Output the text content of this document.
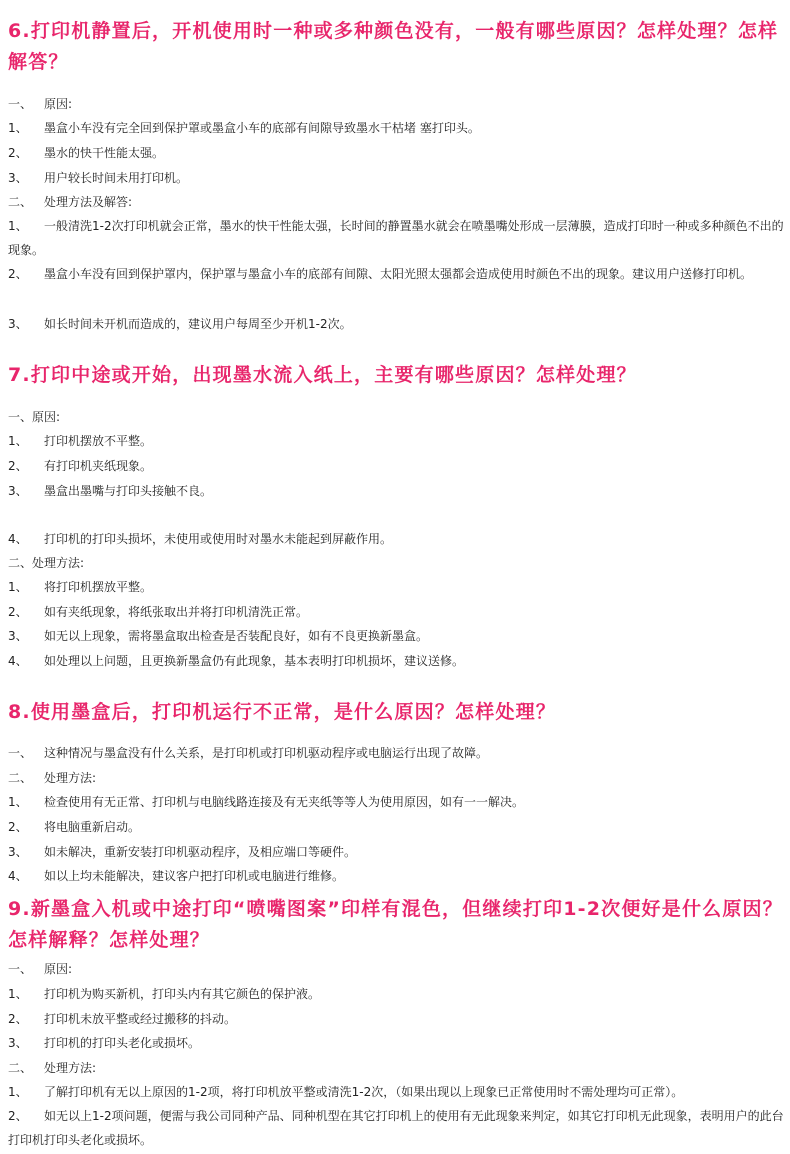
6.打印机静置后，开机使用时一种或多种颜色没有，一般有哪些原因？怎样处理？怎样解答？
一、 原因:
1、 墨盒小车没有完全回到保护罩或墨盒小车的底部有间隙导致墨水干枯堵 塞打印头。
2、 墨水的快干性能太强。
3、 用户较长时间未用打印机。
二、 处理方法及解答:
1、 一般清洗1-2次打印机就会正常，墨水的快干性能太强，长时间的静置墨水就会在喷墨嘴处形成一层薄膜，造成打印时一种或多种颜色不出的现象。
2、 墨盒小车没有回到保护罩内，保护罩与墨盒小车的底部有间隙、太阳光照太强都会造成使用时颜色不出的现象。建议用户送修打印机。
3、 如长时间未开机而造成的，建议用户每周至少开机1-2次。
7.打印中途或开始，出现墨水流入纸上，主要有哪些原因？怎样处理？
一、原因:
1、 打印机摆放不平整。
2、 有打印机夹纸现象。
3、 墨盒出墨嘴与打印头接触不良。
4、 打印机的打印头损坏，未使用或使用时对墨水未能起到屏蔽作用。
二、处理方法:
1、 将打印机摆放平整。
2、 如有夹纸现象，将纸张取出并将打印机清洗正常。
3、 如无以上现象，需将墨盒取出检查是否装配良好，如有不良更换新墨盒。
4、 如处理以上问题，且更换新墨盒仍有此现象，基本表明打印机损坏，建议送修。
8.使用墨盒后，打印机运行不正常，是什么原因？怎样处理？
一、 这种情况与墨盒没有什么关系，是打印机或打印机驱动程序或电脑运行出现了故障。
二、 处理方法:
1、 检查使用有无正常、打印机与电脑线路连接及有无夹纸等等人为使用原因，如有一一解决。
2、 将电脑重新启动。
3、 如未解决，重新安装打印机驱动程序，及相应端口等硬件。
4、 如以上均未能解决，建议客户把打印机或电脑进行维修。
9.新墨盒入机或中途打印“喷嘴图案”印样有混色，但继续打印1-2次便好是什么原因？怎样解释？怎样处理？
一、 原因:
1、 打印机为购买新机，打印头内有其它颜色的保护液。
2、 打印机未放平整或经过搬移的抖动。
3、 打印机的打印头老化或损坏。
二、 处理方法:
1、 了解打印机有无以上原因的1-2项，将打印机放平整或清洗1-2次，（如果出现以上现象已正常使用时不需处理均可正常）。
2、 如无以上1-2项问题，便需与我公司同种产品、同种机型在其它打印机上的使用有无此现象来判定，如其它打印机无此现象，表明用户的此台打印机打印头老化或损坏。
